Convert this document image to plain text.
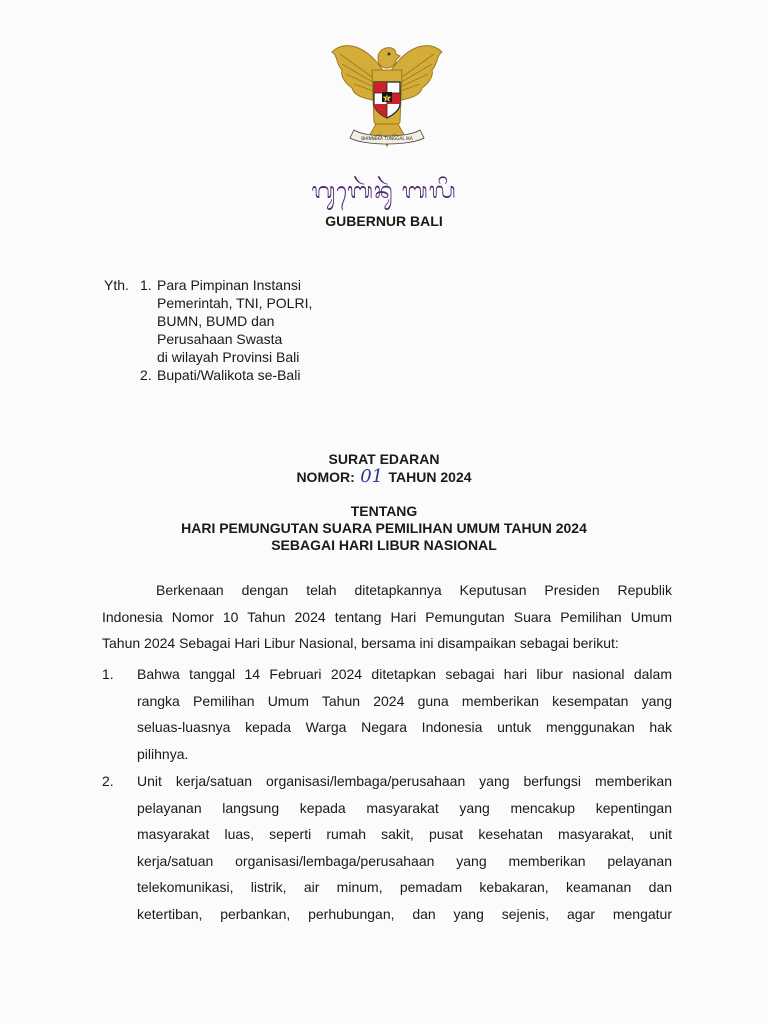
BHINNEKA TUNGGAL IKA
ᬕᬸᬩᬾᬃᬦᬸᬃ ᬩᬮᬶ
GUBERNUR BALI
Yth. 1. Para Pimpinan Instansi
Pemerintah, TNI, POLRI,
BUMN, BUMD dan
Perusahaan Swasta
di wilayah Provinsi Bali
2. Bupati/Walikota se-Bali
SURAT EDARAN
NOMOR: 01 TAHUN 2024
TENTANG
HARI PEMUNGUTAN SUARA PEMILIHAN UMUM TAHUN 2024
SEBAGAI HARI LIBUR NASIONAL
Berkenaan dengan telah ditetapkannya Keputusan Presiden Republik
Indonesia Nomor 10 Tahun 2024 tentang Hari Pemungutan Suara Pemilihan Umum
Tahun 2024 Sebagai Hari Libur Nasional, bersama ini disampaikan sebagai berikut:
1. Bahwa tanggal 14 Februari 2024 ditetapkan sebagai hari libur nasional dalam
rangka Pemilihan Umum Tahun 2024 guna memberikan kesempatan yang
seluas-luasnya kepada Warga Negara Indonesia untuk menggunakan hak
pilihnya.
2. Unit kerja/satuan organisasi/lembaga/perusahaan yang berfungsi memberikan
pelayanan langsung kepada masyarakat yang mencakup kepentingan
masyarakat luas, seperti rumah sakit, pusat kesehatan masyarakat, unit
kerja/satuan organisasi/lembaga/perusahaan yang memberikan pelayanan
telekomunikasi, listrik, air minum, pemadam kebakaran, keamanan dan
ketertiban, perbankan, perhubungan, dan yang sejenis, agar mengatur
